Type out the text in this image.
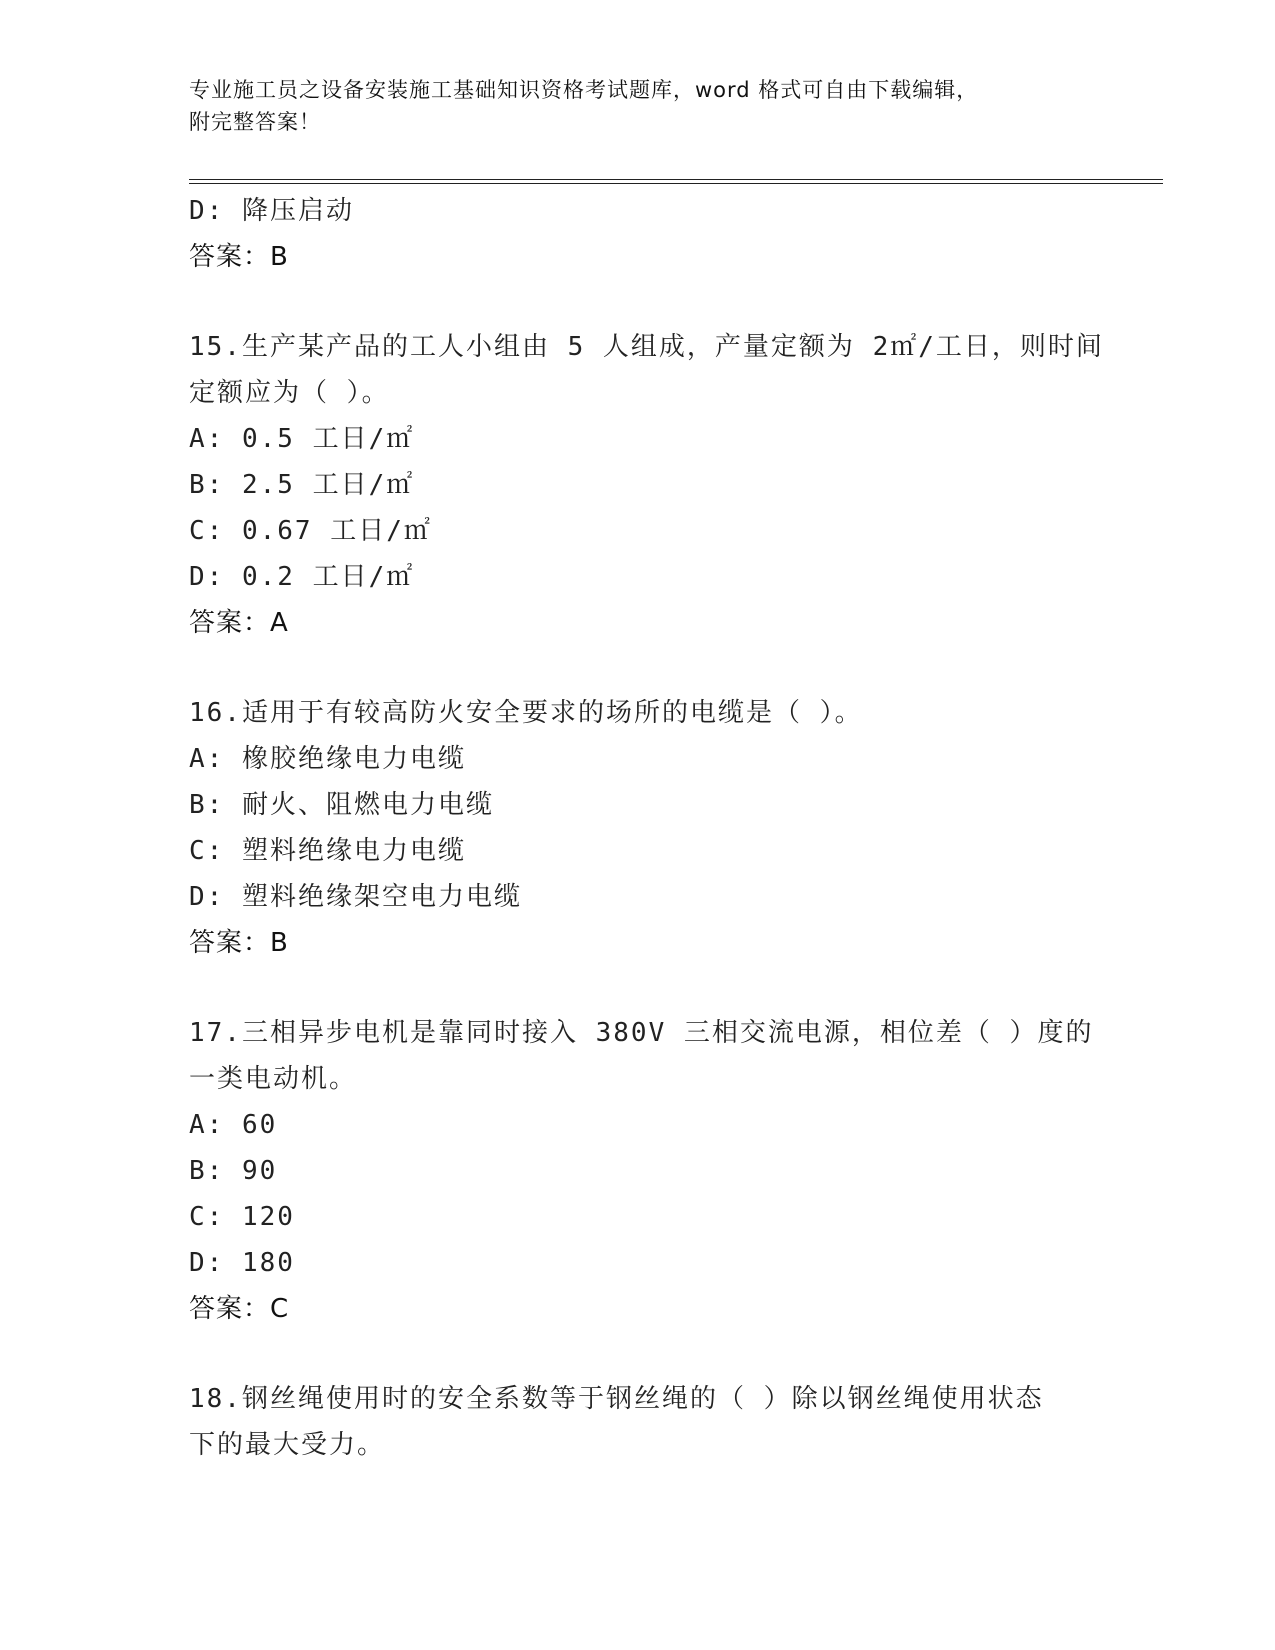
专业施工员之设备安装施工基础知识资格考试题库，word 格式可自由下载编辑，
附完整答案！
D: 降压启动
答案：B
15.生产某产品的工人小组由 5 人组成，产量定额为 2㎡/工日，则时间
定额应为（ ）。
A: 0.5 工日/㎡
B: 2.5 工日/㎡
C: 0.67 工日/㎡
D: 0.2 工日/㎡
答案：A
16.适用于有较高防火安全要求的场所的电缆是（ ）。
A: 橡胶绝缘电力电缆
B: 耐火、阻燃电力电缆
C: 塑料绝缘电力电缆
D: 塑料绝缘架空电力电缆
答案：B
17.三相异步电机是靠同时接入 380V 三相交流电源，相位差（ ）度的
一类电动机。
A: 60
B: 90
C: 120
D: 180
答案：C
18.钢丝绳使用时的安全系数等于钢丝绳的（ ）除以钢丝绳使用状态
下的最大受力。
